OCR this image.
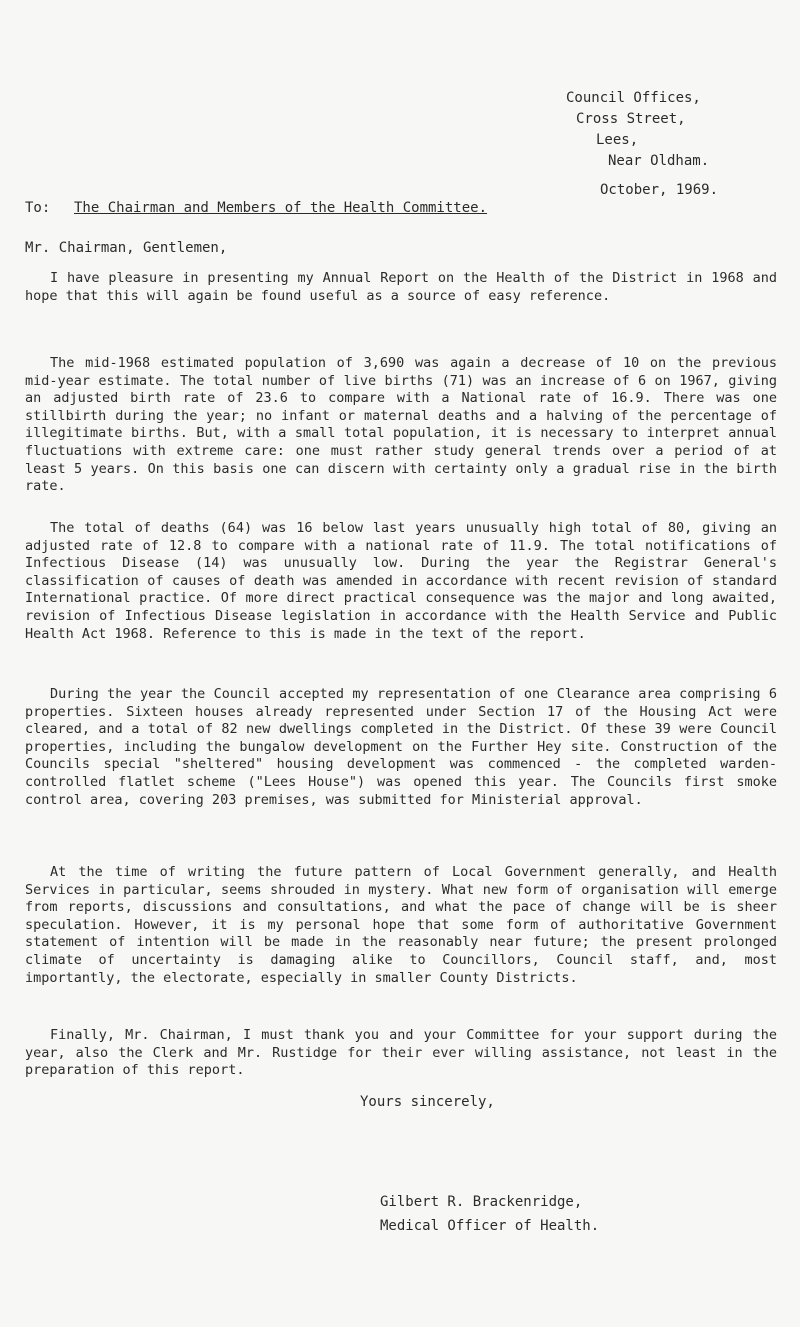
Council Offices,
Cross Street,
Lees,
Near Oldham.
October, 1969.
To: The Chairman and Members of the Health Committee.
Mr. Chairman, Gentlemen,

I have pleasure in presenting my Annual Report on the Health of the District in 1968 and hope that this will again be found useful as a source of easy reference.

The mid-1968 estimated population of 3,690 was again a decrease of 10 on the previous mid-year estimate. The total number of live births (71) was an increase of 6 on 1967, giving an adjusted birth rate of 23.6 to compare with a National rate of 16.9. There was one stillbirth during the year; no infant or maternal deaths and a halving of the percentage of illegitimate births. But, with a small total population, it is necessary to interpret annual fluctuations with extreme care: one must rather study general trends over a period of at least 5 years. On this basis one can discern with certainty only a gradual rise in the birth rate.

The total of deaths (64) was 16 below last years unusually high total of 80, giving an adjusted rate of 12.8 to compare with a national rate of 11.9. The total notifications of Infectious Disease (14) was unusually low. During the year the Registrar General's classification of causes of death was amended in accordance with recent revision of standard International practice. Of more direct practical consequence was the major and long awaited, revision of Infectious Disease legislation in accordance with the Health Service and Public Health Act 1968. Reference to this is made in the text of the report.

During the year the Council accepted my representation of one Clearance area comprising 6 properties. Sixteen houses already represented under Section 17 of the Housing Act were cleared, and a total of 82 new dwellings completed in the District. Of these 39 were Council properties, including the bungalow development on the Further Hey site. Construction of the Councils special "sheltered" housing development was commenced - the completed warden-controlled flatlet scheme ("Lees House") was opened this year. The Councils first smoke control area, covering 203 premises, was submitted for Ministerial approval.

At the time of writing the future pattern of Local Government generally, and Health Services in particular, seems shrouded in mystery. What new form of organisation will emerge from reports, discussions and consultations, and what the pace of change will be is sheer speculation. However, it is my personal hope that some form of authoritative Government statement of intention will be made in the reasonably near future; the present prolonged climate of uncertainty is damaging alike to Councillors, Council staff, and, most importantly, the electorate, especially in smaller County Districts.

Finally, Mr. Chairman, I must thank you and your Committee for your support during the year, also the Clerk and Mr. Rustidge for their ever willing assistance, not least in the preparation of this report.

Yours sincerely,
Gilbert R. Brackenridge,
Medical Officer of Health.
